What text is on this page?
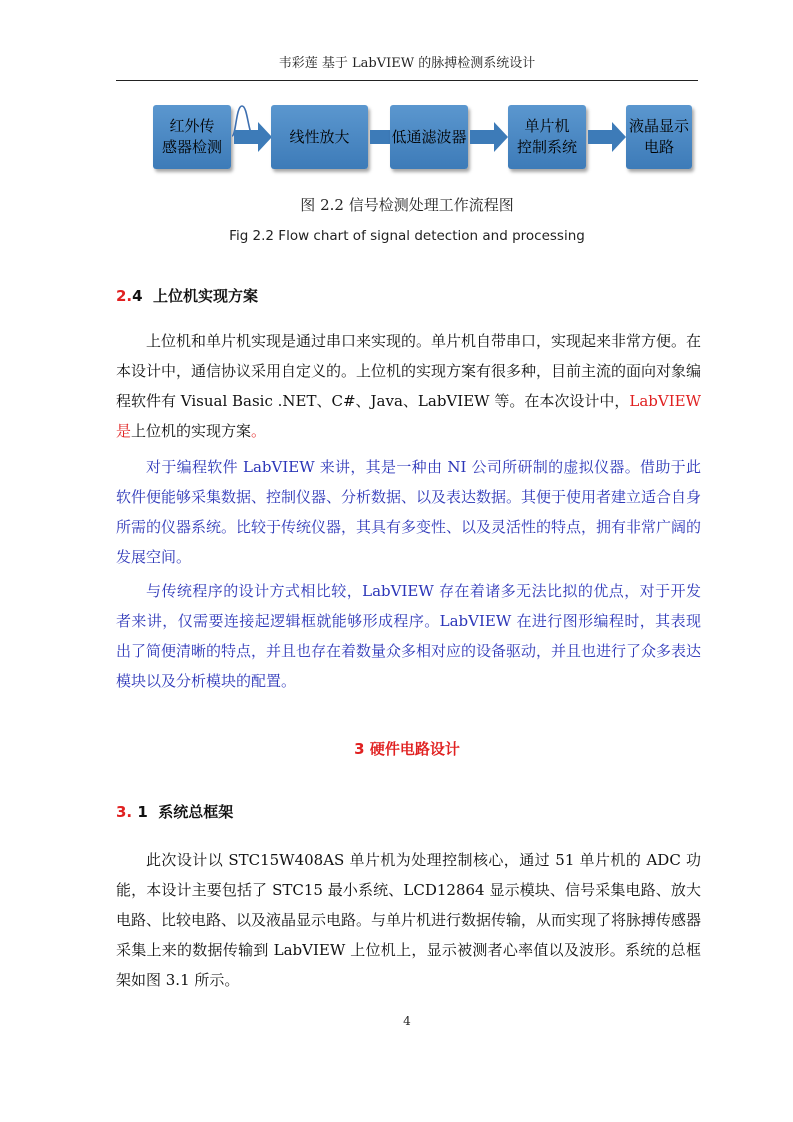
韦彩莲 基于 LabVIEW 的脉搏检测系统设计
红外传
感器检测
线性放大	低通滤波器
单片机
控制系统
液晶显示
电路
图 2.2 信号检测处理工作流程图
Fig 2.2 Flow chart of signal detection and processing
2.4 上位机实现方案
上位机和单片机实现是通过串口来实现的。单片机自带串口，实现起来非常方便。在本设计中，通信协议采用自定义的。上位机的实现方案有很多种，目前主流的面向对象编程软件有 Visual Basic .NET、C#、Java、LabVIEW 等。在本次设计中，LabVIEW 是上位机的实现方案。
对于编程软件 LabVIEW 来讲，其是一种由 NI 公司所研制的虚拟仪器。借助于此软件便能够采集数据、控制仪器、分析数据、以及表达数据。其便于使用者建立适合自身所需的仪器系统。比较于传统仪器，其具有多变性、以及灵活性的特点，拥有非常广阔的发展空间。
与传统程序的设计方式相比较，LabVIEW 存在着诸多无法比拟的优点，对于开发者来讲，仅需要连接起逻辑框就能够形成程序。LabVIEW 在进行图形编程时，其表现出了简便清晰的特点，并且也存在着数量众多相对应的设备驱动，并且也进行了众多表达模块以及分析模块的配置。
3 硬件电路设计
3. 1 系统总框架
此次设计以 STC15W408AS 单片机为处理控制核心，通过 51 单片机的 ADC 功能，本设计主要包括了 STC15 最小系统、LCD12864 显示模块、信号采集电路、放大电路、比较电路、以及液晶显示电路。与单片机进行数据传输，从而实现了将脉搏传感器采集上来的数据传输到 LabVIEW 上位机上，显示被测者心率值以及波形。系统的总框架如图 3.1 所示。
4
